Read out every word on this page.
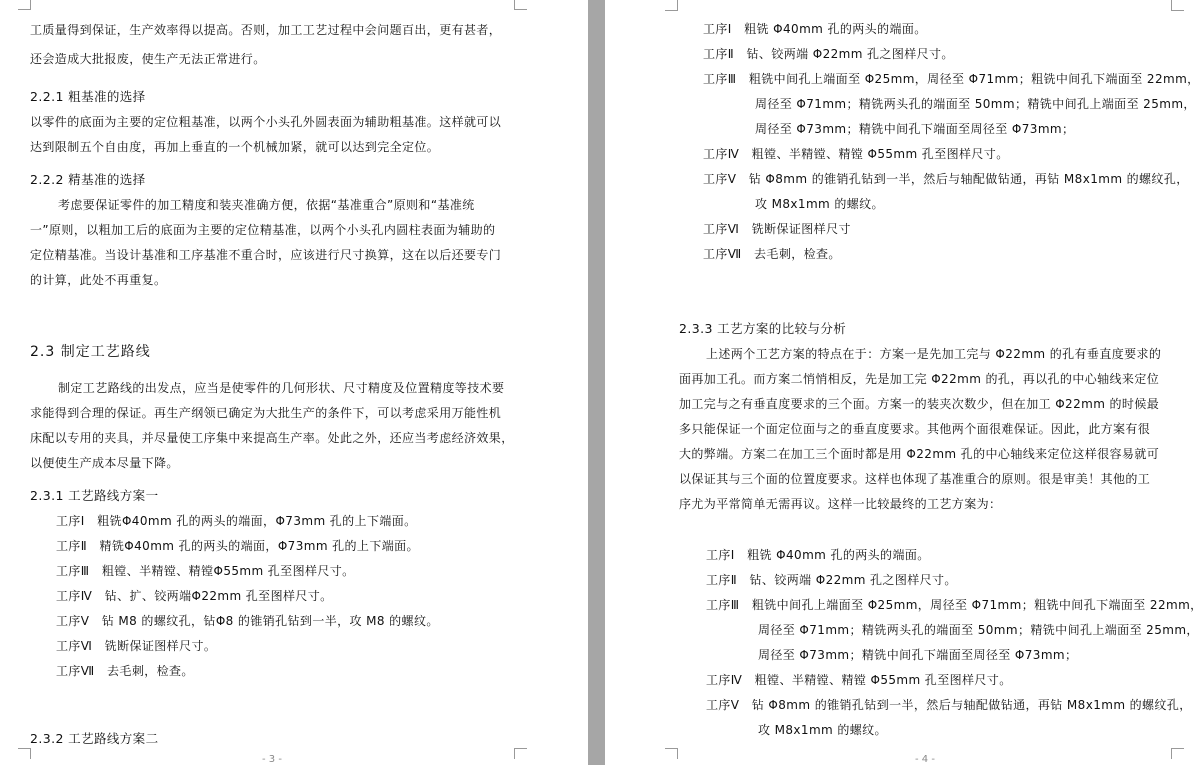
工质量得到保证，生产效率得以提高。否则，加工工艺过程中会问题百出，更有甚者，
还会造成大批报废，使生产无法正常进行。
2.2.1 粗基准的选择
以零件的底面为主要的定位粗基准，以两个小头孔外圆表面为辅助粗基准。这样就可以
达到限制五个自由度，再加上垂直的一个机械加紧，就可以达到完全定位。
2.2.2 精基准的选择
考虑要保证零件的加工精度和装夹准确方便，依据“基准重合”原则和“基准统
一”原则，以粗加工后的底面为主要的定位精基准，以两个小头孔内圆柱表面为辅助的
定位精基准。当设计基准和工序基准不重合时，应该进行尺寸换算，这在以后还要专门
的计算，此处不再重复。
2.3 制定工艺路线
制定工艺路线的出发点，应当是使零件的几何形状、尺寸精度及位置精度等技术要
求能得到合理的保证。再生产纲领已确定为大批生产的条件下，可以考虑采用万能性机
床配以专用的夹具，并尽量使工序集中来提高生产率。处此之外，还应当考虑经济效果，
以便使生产成本尽量下降。
2.3.1 工艺路线方案一
工序Ⅰ　粗铣Φ40mm 孔的两头的端面，Φ73mm 孔的上下端面。
工序Ⅱ　精铣Φ40mm 孔的两头的端面，Φ73mm 孔的上下端面。
工序Ⅲ　粗镗、半精镗、精镗Φ55mm 孔至图样尺寸。
工序Ⅳ　钻、扩、铰两端Φ22mm 孔至图样尺寸。
工序Ⅴ　钻 M8 的螺纹孔，钻Φ8 的锥销孔钻到一半，攻 M8 的螺纹。
工序Ⅵ　铣断保证图样尺寸。
工序Ⅶ　去毛刺，检查。
2.3.2 工艺路线方案二
- 3 -
工序Ⅰ　粗铣 Φ40mm 孔的两头的端面。
工序Ⅱ　钻、铰两端 Φ22mm 孔之图样尺寸。
工序Ⅲ　粗铣中间孔上端面至 Φ25mm，周径至 Φ71mm；粗铣中间孔下端面至 22mm，
周径至 Φ71mm；精铣两头孔的端面至 50mm；精铣中间孔上端面至 25mm，
周径至 Φ73mm；精铣中间孔下端面至周径至 Φ73mm；
工序Ⅳ　粗镗、半精镗、精镗 Φ55mm 孔至图样尺寸。
工序Ⅴ　钻 Φ8mm 的锥销孔钻到一半，然后与轴配做钻通，再钻 M8x1mm 的螺纹孔，
攻 M8x1mm 的螺纹。
工序Ⅵ　铣断保证图样尺寸
工序Ⅶ　去毛刺，检查。
2.3.3 工艺方案的比较与分析
上述两个工艺方案的特点在于：方案一是先加工完与 Φ22mm 的孔有垂直度要求的
面再加工孔。而方案二悄悄相反，先是加工完 Φ22mm 的孔，再以孔的中心轴线来定位
加工完与之有垂直度要求的三个面。方案一的装夹次数少，但在加工 Φ22mm 的时候最
多只能保证一个面定位面与之的垂直度要求。其他两个面很难保证。因此，此方案有很
大的弊端。方案二在加工三个面时都是用 Φ22mm 孔的中心轴线来定位这样很容易就可
以保证其与三个面的位置度要求。这样也体现了基准重合的原则。很是审美！其他的工
序尤为平常简单无需再议。这样一比较最终的工艺方案为：
工序Ⅰ　粗铣 Φ40mm 孔的两头的端面。
工序Ⅱ　钻、铰两端 Φ22mm 孔之图样尺寸。
工序Ⅲ　粗铣中间孔上端面至 Φ25mm，周径至 Φ71mm；粗铣中间孔下端面至 22mm，
周径至 Φ71mm；精铣两头孔的端面至 50mm；精铣中间孔上端面至 25mm，
周径至 Φ73mm；精铣中间孔下端面至周径至 Φ73mm；
工序Ⅳ　粗镗、半精镗、精镗 Φ55mm 孔至图样尺寸。
工序Ⅴ　钻 Φ8mm 的锥销孔钻到一半，然后与轴配做钻通，再钻 M8x1mm 的螺纹孔，
攻 M8x1mm 的螺纹。
- 4 -
